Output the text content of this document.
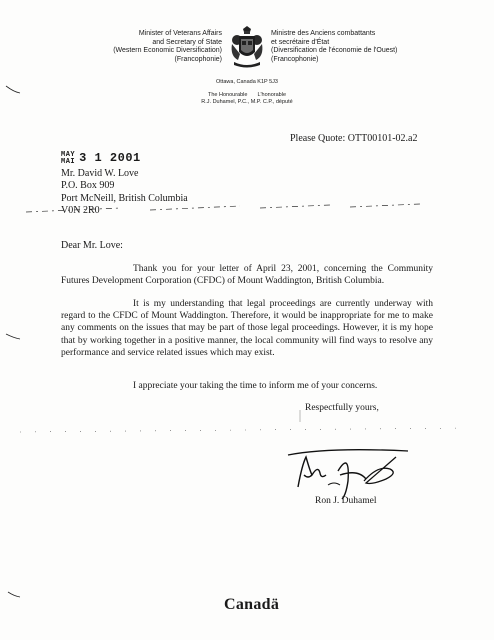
Minister of Veterans Affairs
and Secretary of State
(Western Economic Diversification)
(Francophonie)
Ministre des Anciens combattants
et secrétaire d'État
(Diversification de l'économie de l'Ouest)
(Francophonie)
Ottawa, Canada K1P 5J3
The Honourable L'honorable
R.J. Duhamel, P.C., M.P. C.P., député
Please Quote: OTT00101-02.a2
MAY
MAI 3 1 2001
Mr. David W. Love
P.O. Box 909
Port McNeill, British Columbia
V0N 2R0
Dear Mr. Love:
Thank you for your letter of April 23, 2001, concerning the Community Futures Development Corporation (CFDC) of Mount Waddington, British Columbia.
It is my understanding that legal proceedings are currently underway with regard to the CFDC of Mount Waddington. Therefore, it would be inappropriate for me to make any comments on the issues that may be part of those legal proceedings. However, it is my hope that by working together in a positive manner, the local community will find ways to resolve any performance and service related issues which may exist.
I appreciate your taking the time to inform me of your concerns.
Respectfully yours,
Ron J. Duhamel
Canadä
